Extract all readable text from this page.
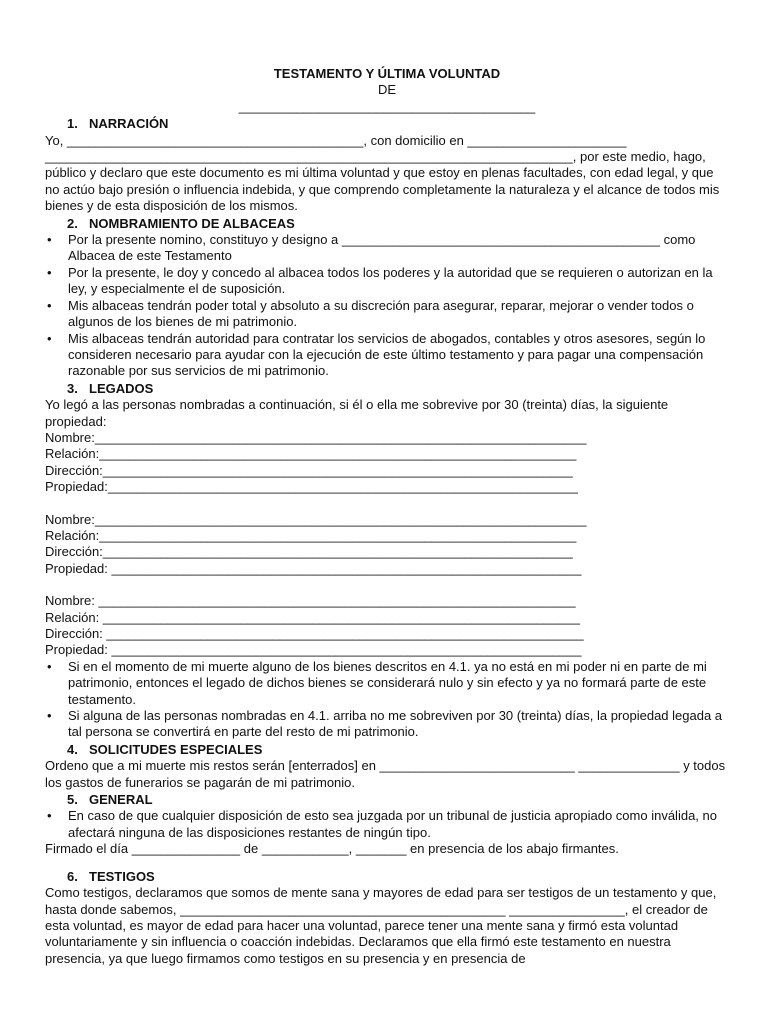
TESTAMENTO Y ÚLTIMA VOLUNTAD
DE
_________________________________________
1. NARRACIÓN

Yo, _________________________________________, con domicilio en ______________________

_________________________________________________________________________, por este medio, hago, público y declaro que este documento es mi última voluntad y que estoy en plenas facultades, con edad legal, y que no actúo bajo presión o influencia indebida, y que comprendo completamente la naturaleza y el alcance de todos mis bienes y de esta disposición de los mismos.

2. NOMBRAMIENTO DE ALBACEAS
• Por la presente nomino, constituyo y designo a ____________________________________________ como Albacea de este Testamento
• Por la presente, le doy y concedo al albacea todos los poderes y la autoridad que se requieren o autorizan en la ley, y especialmente el de suposición.
• Mis albaceas tendrán poder total y absoluto a su discreción para asegurar, reparar, mejorar o vender todos o algunos de los bienes de mi patrimonio.
• Mis albaceas tendrán autoridad para contratar los servicios de abogados, contables y otros asesores, según lo consideren necesario para ayudar con la ejecución de este último testamento y para pagar una compensación razonable por sus servicios de mi patrimonio.
3. LEGADOS

Yo legó a las personas nombradas a continuación, si él o ella me sobrevive por 30 (treinta) días, la siguiente propiedad:

Nombre:____________________________________________________________________

Relación:__________________________________________________________________

Dirección:_________________________________________________________________

Propiedad:_________________________________________________________________

Nombre:____________________________________________________________________

Relación:__________________________________________________________________

Dirección:_________________________________________________________________

Propiedad: _________________________________________________________________

Nombre: __________________________________________________________________

Relación: __________________________________________________________________

Dirección: __________________________________________________________________

Propiedad: _________________________________________________________________

• Si en el momento de mi muerte alguno de los bienes descritos en 4.1. ya no está en mi poder ni en parte de mi patrimonio, entonces el legado de dichos bienes se considerará nulo y sin efecto y ya no formará parte de este testamento.
• Si alguna de las personas nombradas en 4.1. arriba no me sobreviven por 30 (treinta) días, la propiedad legada a tal persona se convertirá en parte del resto de mi patrimonio.
4. SOLICITUDES ESPECIALES

Ordeno que a mi muerte mis restos serán [enterrados] en ___________________________ ______________ y todos los gastos de funerarios se pagarán de mi patrimonio.

5. GENERAL
• En caso de que cualquier disposición de esto sea juzgada por un tribunal de justicia apropiado como inválida, no afectará ninguna de las disposiciones restantes de ningún tipo.

Firmado el día _______________ de ____________, _______ en presencia de los abajo firmantes.

6. TESTIGOS

Como testigos, declaramos que somos de mente sana y mayores de edad para ser testigos de un testamento y que, hasta donde sabemos, _____________________________________________ ________________, el creador de esta voluntad, es mayor de edad para hacer una voluntad, parece tener una mente sana y firmó esta voluntad voluntariamente y sin influencia o coacción indebidas. Declaramos que ella firmó este testamento en nuestra presencia, ya que luego firmamos como testigos en su presencia y en presencia de
